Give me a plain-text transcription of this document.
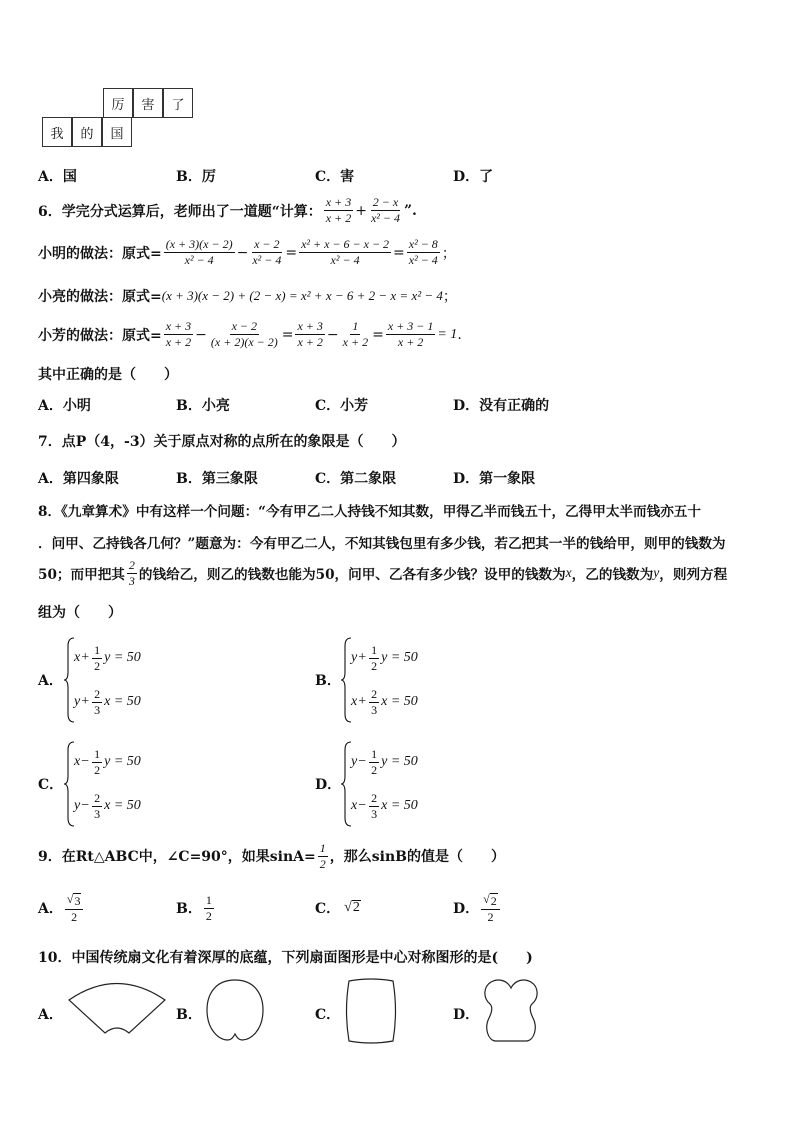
厉	害	了
我	的	国
A．国	B．厉	C．害	D．了
6．学完分式运算后，老师出了一道题“计算： $\frac{x + 3}{x + 2} + \frac{2 - x}{\text{x² − 4}}$ ”.
小明的做法：原式= $\frac{(x + 3)(x - 2)}{\text{x² − 4}} - \frac{x - 2}{\text{x² − 4}} = \frac{\text{x² + x − 6 − x − 2}}{\text{x² − 4}} = \frac{\text{x² − 8}}{\text{x² − 4}}$ ；
小亮的做法：原式= (x + 3)(x − 2) + (2 − x) = x² + x − 6 + 2 − x = x² − 4 ；
小芳的做法：原式= $\frac{x + 3}{x + 2} - \frac{x - 2}{(x + 2)(x - 2)} = \frac{x + 3}{x + 2} - \frac{1}{x + 2} = \frac{x + 3 - 1}{x + 2} = 1$ .
其中正确的是（　　）
A．小明	B．小亮	C．小芳	D．没有正确的
7．点P（4，-3）关于原点对称的点所在的象限是（　　）
A．第四象限	B．第三象限	C．第二象限	D．第一象限
8．《九章算术》中有这样一个问题：“今有甲乙二人持钱不知其数，甲得乙半而钱五十，乙得甲太半而钱亦五十
．问甲、乙持钱各几何？”题意为：今有甲乙二人，不知其钱包里有多少钱，若乙把其一半的钱给甲，则甲的钱数为
50；而甲把其 $\frac{2}{3}$ 的钱给乙，则乙的钱数也能为50，问甲、乙各有多少钱？设甲的钱数为 x ，乙的钱数为 y ，则列方程
组为（　　）
A．
$x + \frac{1}{2}$ y = 50
$y + \frac{2}{3}$ x = 50
B．
$y + \frac{1}{2}$ y = 50
$x + \frac{2}{3}$ x = 50
C．
$x - \frac{1}{2}$ y = 50
$y - \frac{2}{3}$ x = 50
D．
$y - \frac{1}{2}$ y = 50
$x - \frac{2}{3}$ x = 50
9．在Rt△ABC中，∠C=90°，如果$\sin A= \frac{1}{2}$ ，那么sinB的值是（　　）
A． $\frac{√ 3}{2}$	B． $\frac{1}{2}$	C． √ 2	D． $\frac{√ 2}{2}$
10．中国传统扇文化有着深厚的底蕴，下列扇面图形是中心对称图形的是(　　)
A．	B．	C．	D．
